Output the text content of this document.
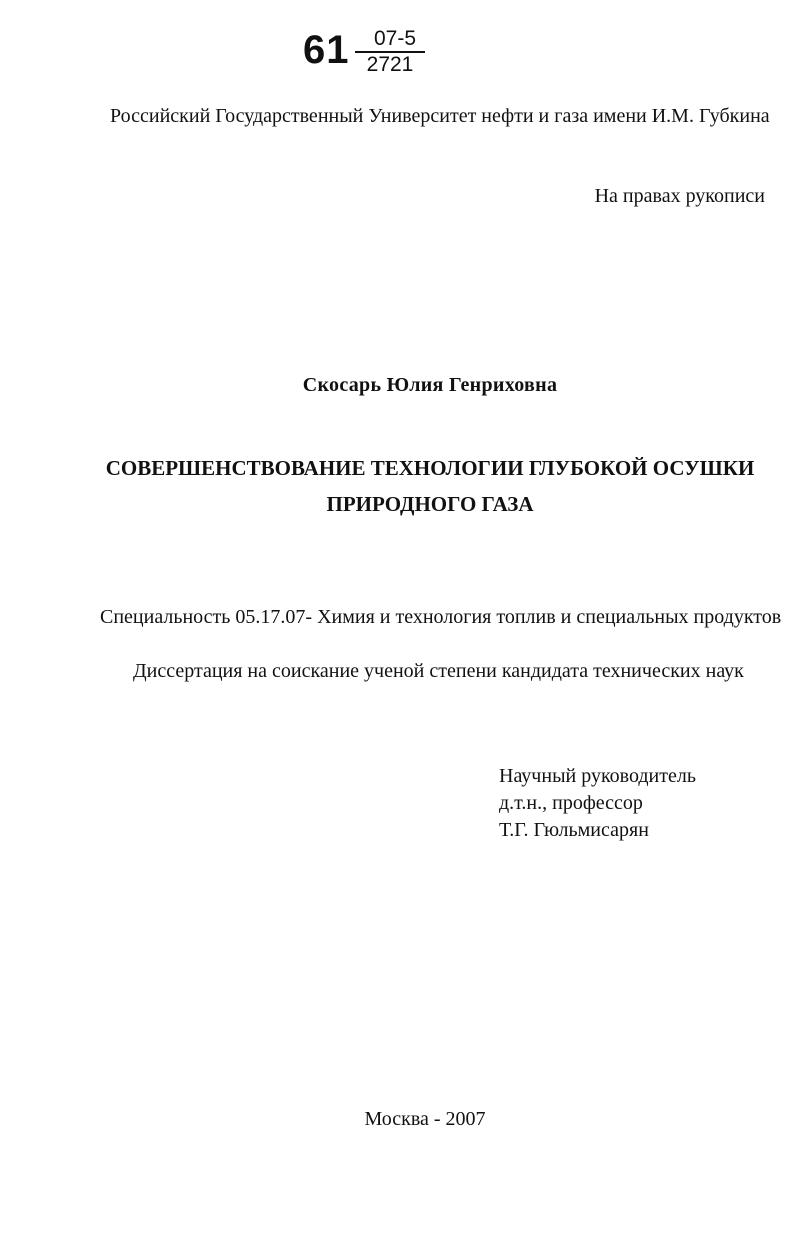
61	07-5
2721
Российский Государственный Университет нефти и газа имени И.М. Губкина
На правах рукописи
Скосарь Юлия Генриховна
СОВЕРШЕНСТВОВАНИЕ ТЕХНОЛОГИИ ГЛУБОКОЙ ОСУШКИ
ПРИРОДНОГО ГАЗА
Специальность 05.17.07- Химия и технология топлив и специальных продуктов
Диссертация на соискание ученой степени кандидата технических наук
Научный руководитель
д.т.н., профессор
Т.Г. Гюльмисарян
Москва - 2007
